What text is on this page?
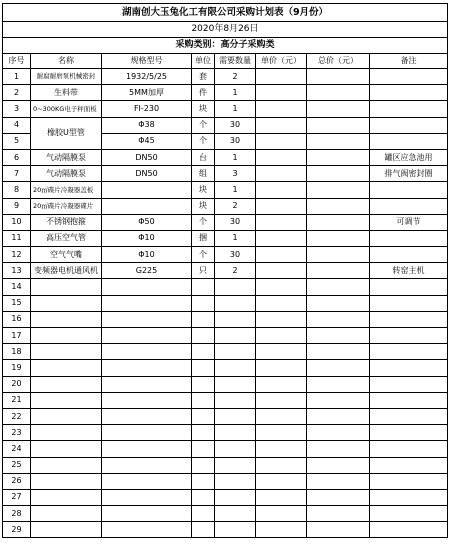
湖南创大玉兔化工有限公司采购计划表（9月份）							
2020年8月26日							
采购类别：高分子采购类							
序号	名称	规格型号	单位	需要数量	单价（元）	总价（元）	备注
1	耐腐耐磨泵机械密封	1932/5/25	套	2			
2	生料带	5MM加厚	件	1			
3	0~300KG电子秤面板	FI-230	块	1			
4	橡胶U型管	Φ38	个	30			
5		Φ45	个	30			
6	气动隔膜泵	DN50	台	1			罐区应急池用
7	气动隔膜泵	DN50	组	3			排气阀密封圈
8	20㎡碟片冷凝器盖板		块	1			
9	20㎡碟片冷凝器碟片		块	2			
10	不锈钢抱箍	Φ50	个	30			可调节
11	高压空气管	Φ10	捆	1			
12	空气气嘴	Φ10	个	30			
13	变频器电机通风机	G225	只	2			转窑主机
14							
15							
16							
17							
18							
19							
20							
21							
22							
23							
24							
25							
26							
27							
28							
29							
